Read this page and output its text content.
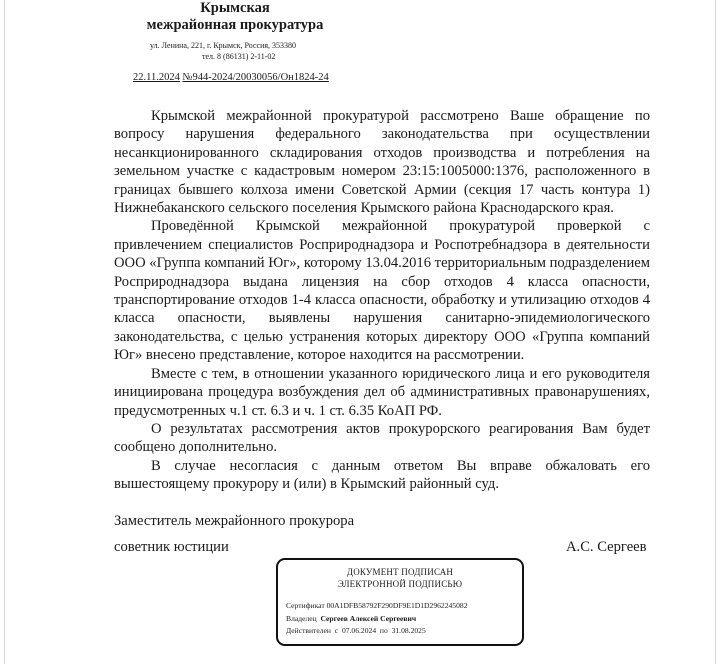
Крымская
межрайонная прокуратура
ул. Ленина, 221, г. Крымск, Россия, 353380
тел. 8 (86131) 2-11-02
22.11.2024 №944-2024/20030056/Он1824-24

Крымской межрайонной прокуратурой рассмотрено Ваше обращение по вопросу нарушения федерального законодательства при осуществлении несанкционированного складирования отходов производства и потребления на земельном участке с кадастровым номером 23:15:1005000:1376, расположенного в границах бывшего колхоза имени Советской Армии (секция 17 часть контура 1) Нижнебаканского сельского поселения Крымского района Краснодарского края.

Проведённой Крымской межрайонной прокуратурой проверкой с привлечением специалистов Росприроднадзора и Роспотребнадзора в деятельности ООО «Группа компаний Юг», которому 13.04.2016 территориальным подразделением Росприроднадзора выдана лицензия на сбор отходов 4 класса опасности, транспортирование отходов 1-4 класса опасности, обработку и утилизацию отходов 4 класса опасности, выявлены нарушения санитарно-эпидемиологического законодательства, с целью устранения которых директору ООО «Группа компаний Юг» внесено представление, которое находится на рассмотрении.

Вместе с тем, в отношении указанного юридического лица и его руководителя инициирована процедура возбуждения дел об административных правонарушениях, предусмотренных ч.1 ст. 6.3 и ч. 1 ст. 6.35 КоАП РФ.

О результатах рассмотрения актов прокурорского реагирования Вам будет сообщено дополнительно.

В случае несогласия с данным ответом Вы вправе обжаловать его вышестоящему прокурору и (или) в Крымский районный суд.

Заместитель межрайонного прокурора
советник юстиции	А.С. Сергеев
ДОКУМЕНТ ПОДПИСАН
ЭЛЕКТРОННОЙ ПОДПИСЬЮ
Сертификат 00A1DFB58792F290DF9E1D1D2962245082
Владелец Сергеев Алексей Сергеевич
Действителен с 07.06.2024 по 31.08.2025
